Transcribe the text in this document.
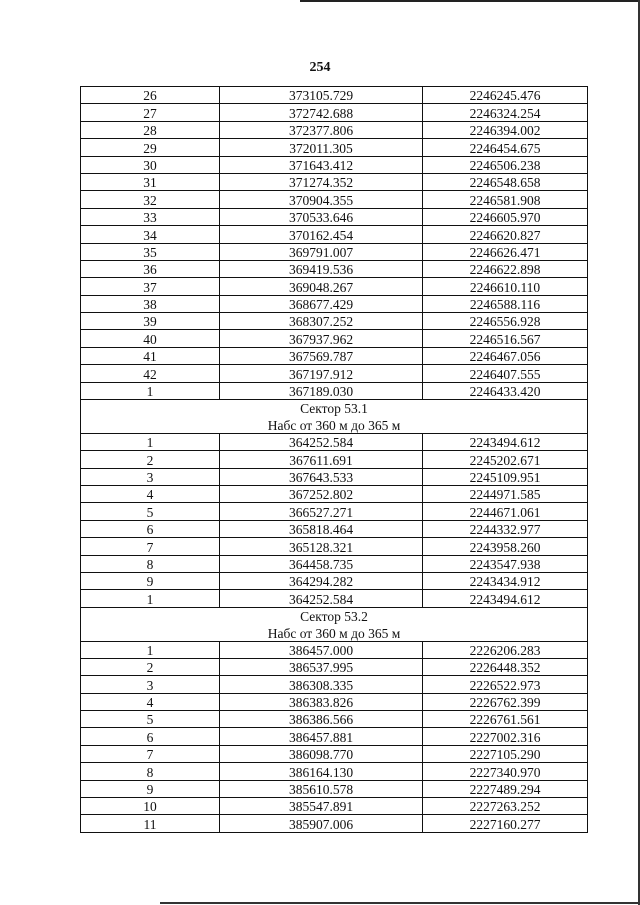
254
26	373105.729	2246245.476
27	372742.688	2246324.254
28	372377.806	2246394.002
29	372011.305	2246454.675
30	371643.412	2246506.238
31	371274.352	2246548.658
32	370904.355	2246581.908
33	370533.646	2246605.970
34	370162.454	2246620.827
35	369791.007	2246626.471
36	369419.536	2246622.898
37	369048.267	2246610.110
38	368677.429	2246588.116
39	368307.252	2246556.928
40	367937.962	2246516.567
41	367569.787	2246467.056
42	367197.912	2246407.555
1	367189.030	2246433.420
Сектор 53.1		
Набс от 360 м до 365 м		
1	364252.584	2243494.612
2	367611.691	2245202.671
3	367643.533	2245109.951
4	367252.802	2244971.585
5	366527.271	2244671.061
6	365818.464	2244332.977
7	365128.321	2243958.260
8	364458.735	2243547.938
9	364294.282	2243434.912
1	364252.584	2243494.612
Сектор 53.2		
Набс от 360 м до 365 м		
1	386457.000	2226206.283
2	386537.995	2226448.352
3	386308.335	2226522.973
4	386383.826	2226762.399
5	386386.566	2226761.561
6	386457.881	2227002.316
7	386098.770	2227105.290
8	386164.130	2227340.970
9	385610.578	2227489.294
10	385547.891	2227263.252
11	385907.006	2227160.277
